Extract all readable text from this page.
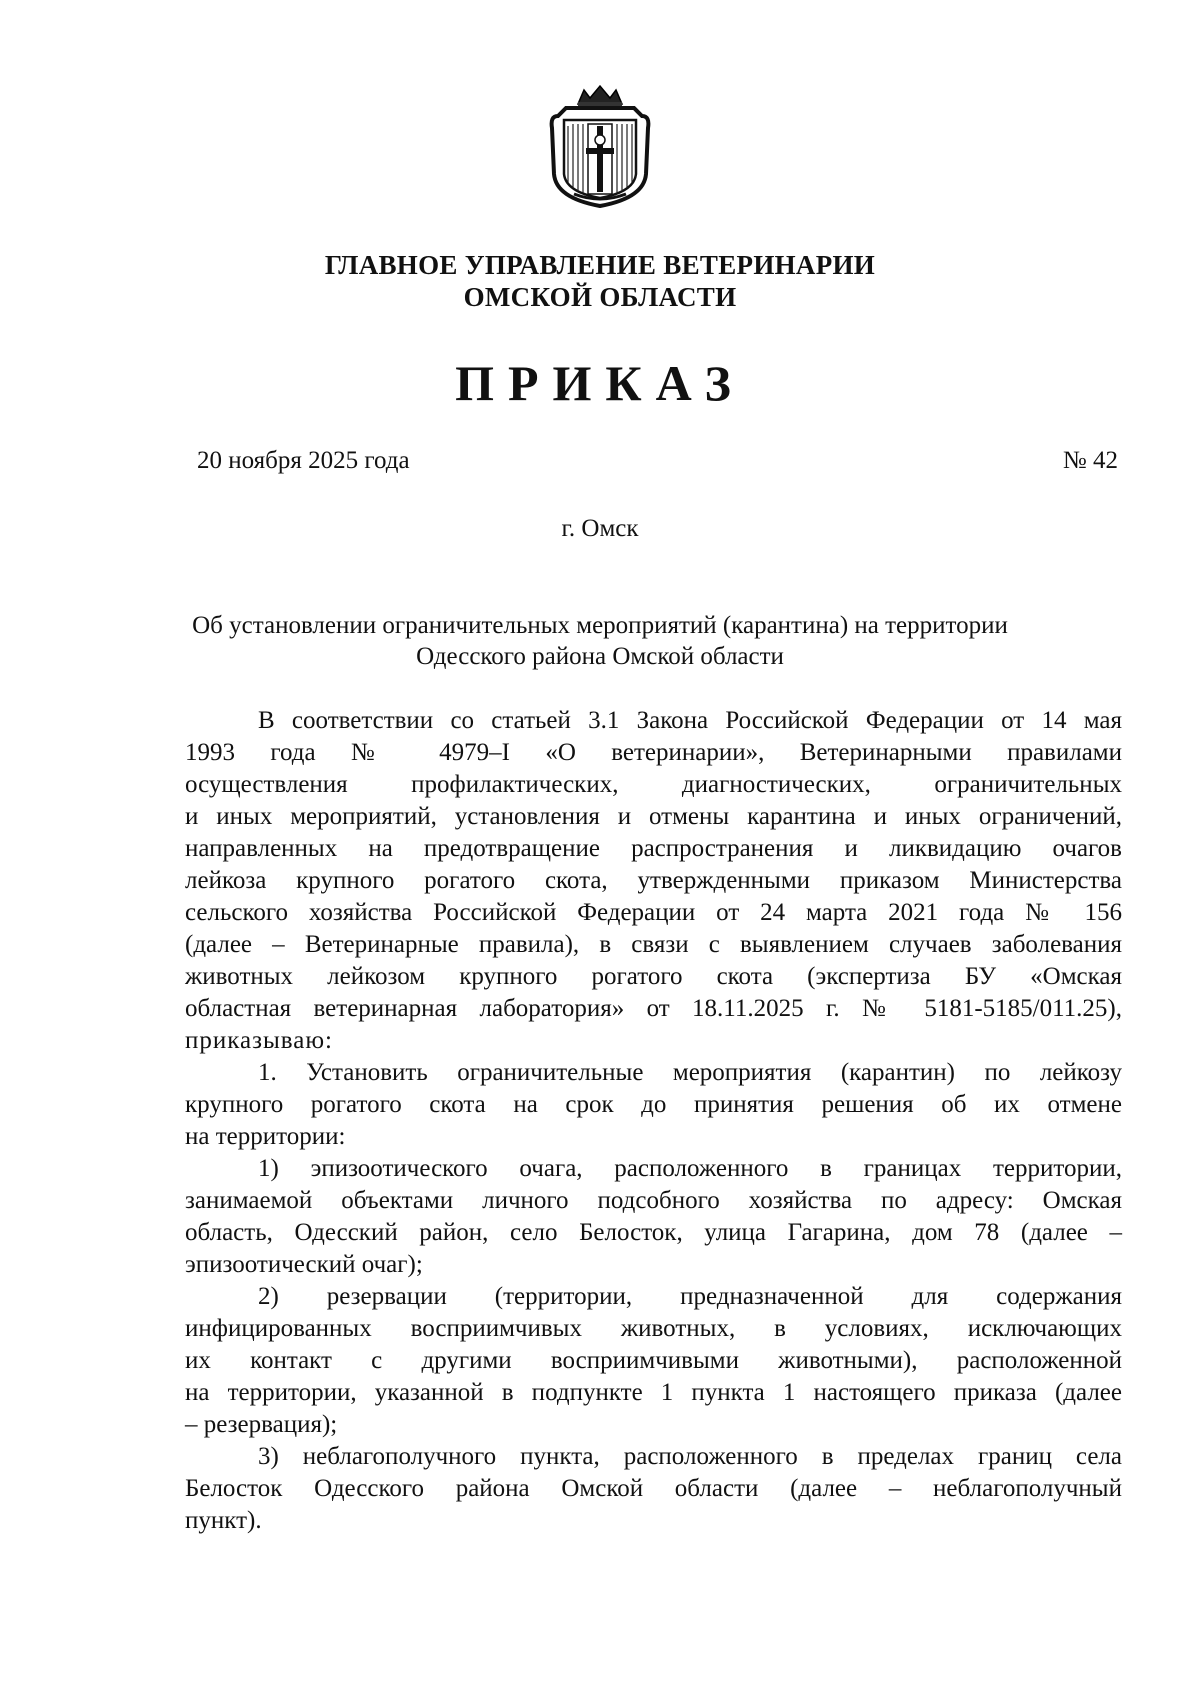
ГЛАВНОЕ УПРАВЛЕНИЕ ВЕТЕРИНАРИИ
ОМСКОЙ ОБЛАСТИ
ПРИКАЗ
20 ноября 2025 года	№ 42
г. Омск
Об установлении ограничительных мероприятий (карантина) на территории
Одесского района Омской области
В соответствии со статьей 3.1 Закона Российской Федерации от 14 мая
1993 года № 4979–I «О ветеринарии», Ветеринарными правилами
осуществления профилактических, диагностических, ограничительных
и иных мероприятий, установления и отмены карантина и иных ограничений,
направленных на предотвращение распространения и ликвидацию очагов
лейкоза крупного рогатого скота, утвержденными приказом Министерства
сельского хозяйства Российской Федерации от 24 марта 2021 года № 156
(далее – Ветеринарные правила), в связи с выявлением случаев заболевания
животных лейкозом крупного рогатого скота (экспертиза БУ «Омская
областная ветеринарная лаборатория» от 18.11.2025 г. № 5181-5185/011.25),
приказываю:
1. Установить ограничительные мероприятия (карантин) по лейкозу
крупного рогатого скота на срок до принятия решения об их отмене
на территории:
1) эпизоотического очага, расположенного в границах территории,
занимаемой объектами личного подсобного хозяйства по адресу: Омская
область, Одесский район, село Белосток, улица Гагарина, дом 78 (далее –
эпизоотический очаг);
2) резервации (территории, предназначенной для содержания
инфицированных восприимчивых животных, в условиях, исключающих
их контакт с другими восприимчивыми животными), расположенной
на территории, указанной в подпункте 1 пункта 1 настоящего приказа (далее
– резервация);
3) неблагополучного пункта, расположенного в пределах границ села
Белосток Одесского района Омской области (далее – неблагополучный
пункт).
